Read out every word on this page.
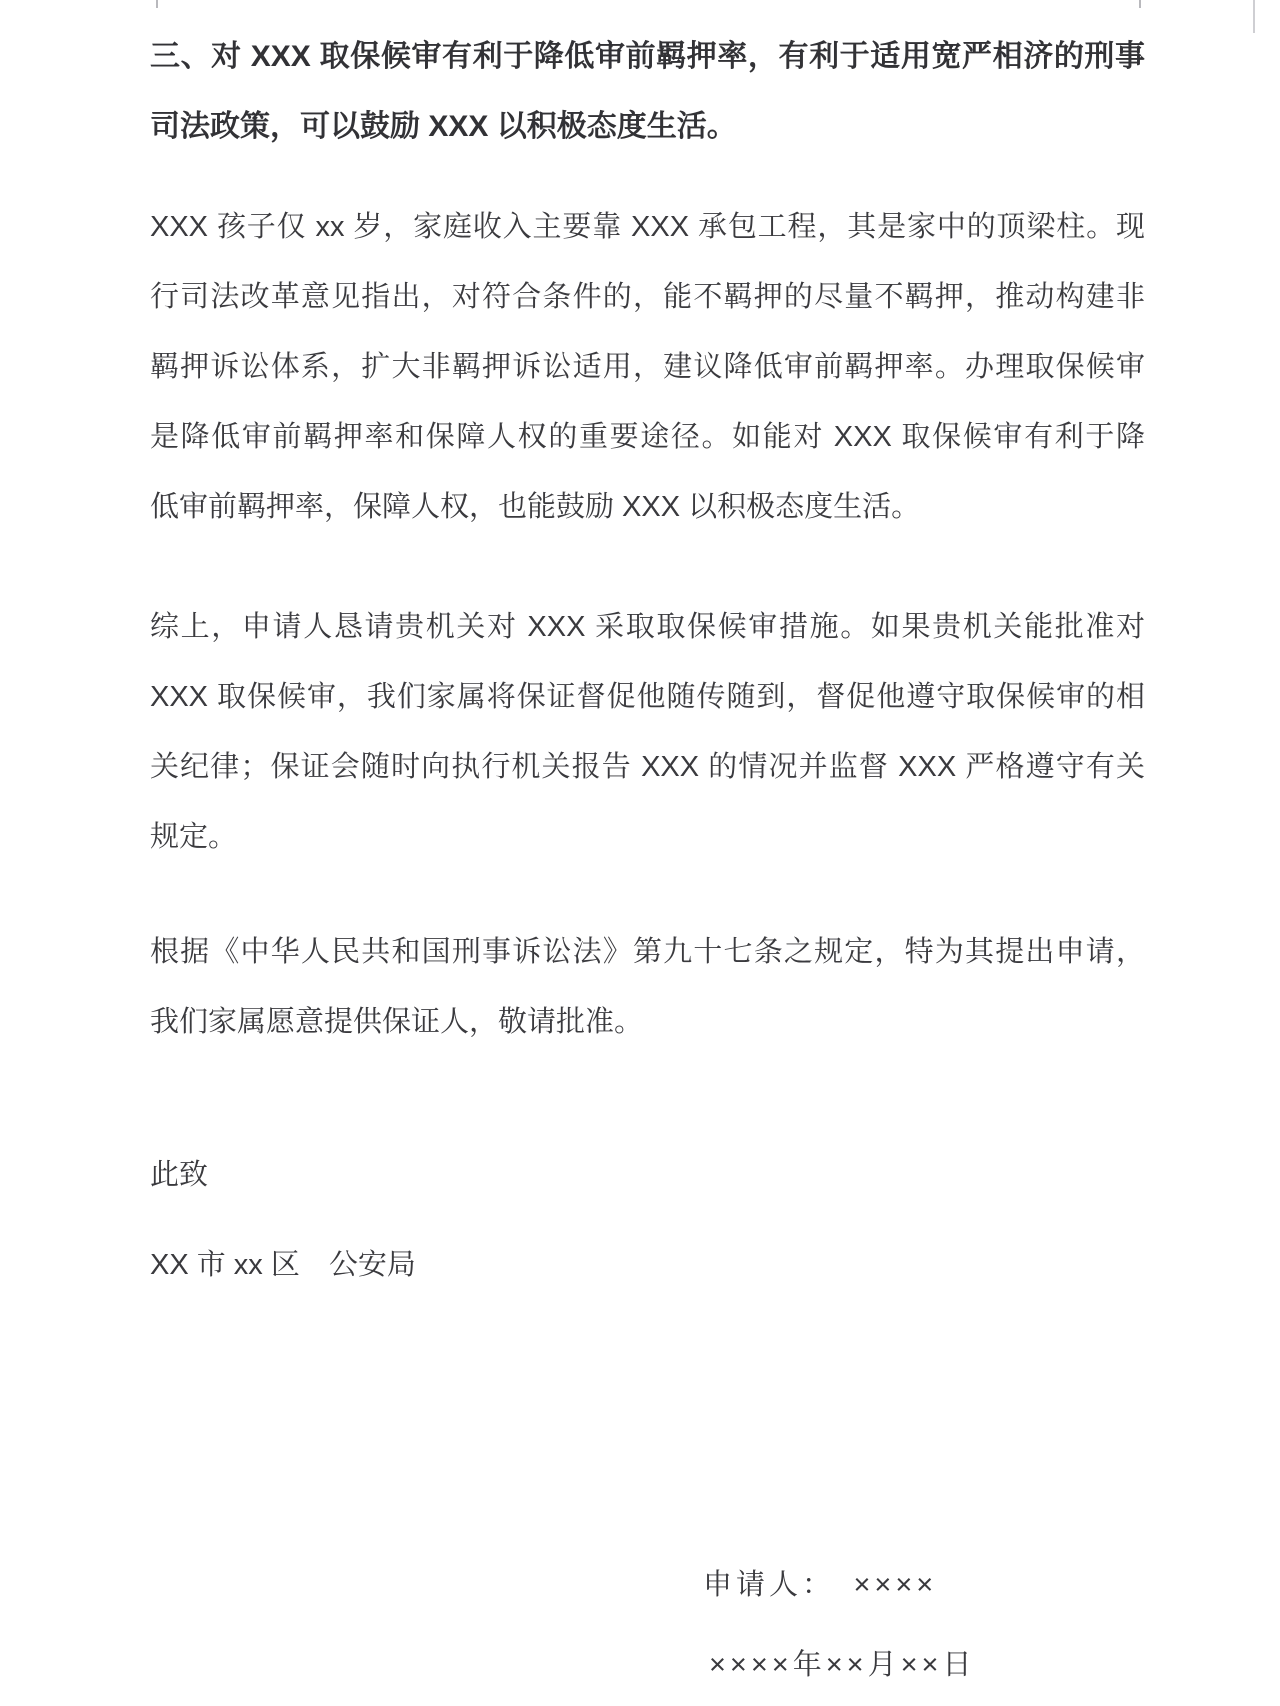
三、对 XXX 取保候审有利于降低审前羁押率，有利于适用宽严相济的刑事
司法政策，可以鼓励 XXX 以积极态度生活。
XXX 孩子仅 xx 岁，家庭收入主要靠 XXX 承包工程，其是家中的顶梁柱。现
行司法改革意见指出，对符合条件的，能不羁押的尽量不羁押，推动构建非
羁押诉讼体系，扩大非羁押诉讼适用，建议降低审前羁押率。办理取保候审
是降低审前羁押率和保障人权的重要途径。如能对 XXX 取保候审有利于降
低审前羁押率，保障人权，也能鼓励 XXX 以积极态度生活。
综上，申请人恳请贵机关对 XXX 采取取保候审措施。如果贵机关能批准对
XXX 取保候审，我们家属将保证督促他随传随到，督促他遵守取保候审的相
关纪律；保证会随时向执行机关报告 XXX 的情况并监督 XXX 严格遵守有关
规定。
根据《中华人民共和国刑事诉讼法》第九十七条之规定，特为其提出申请，
我们家属愿意提供保证人，敬请批准。
此致
XX 市 xx 区　公安局
申请人：　××××
××××年××月××日
